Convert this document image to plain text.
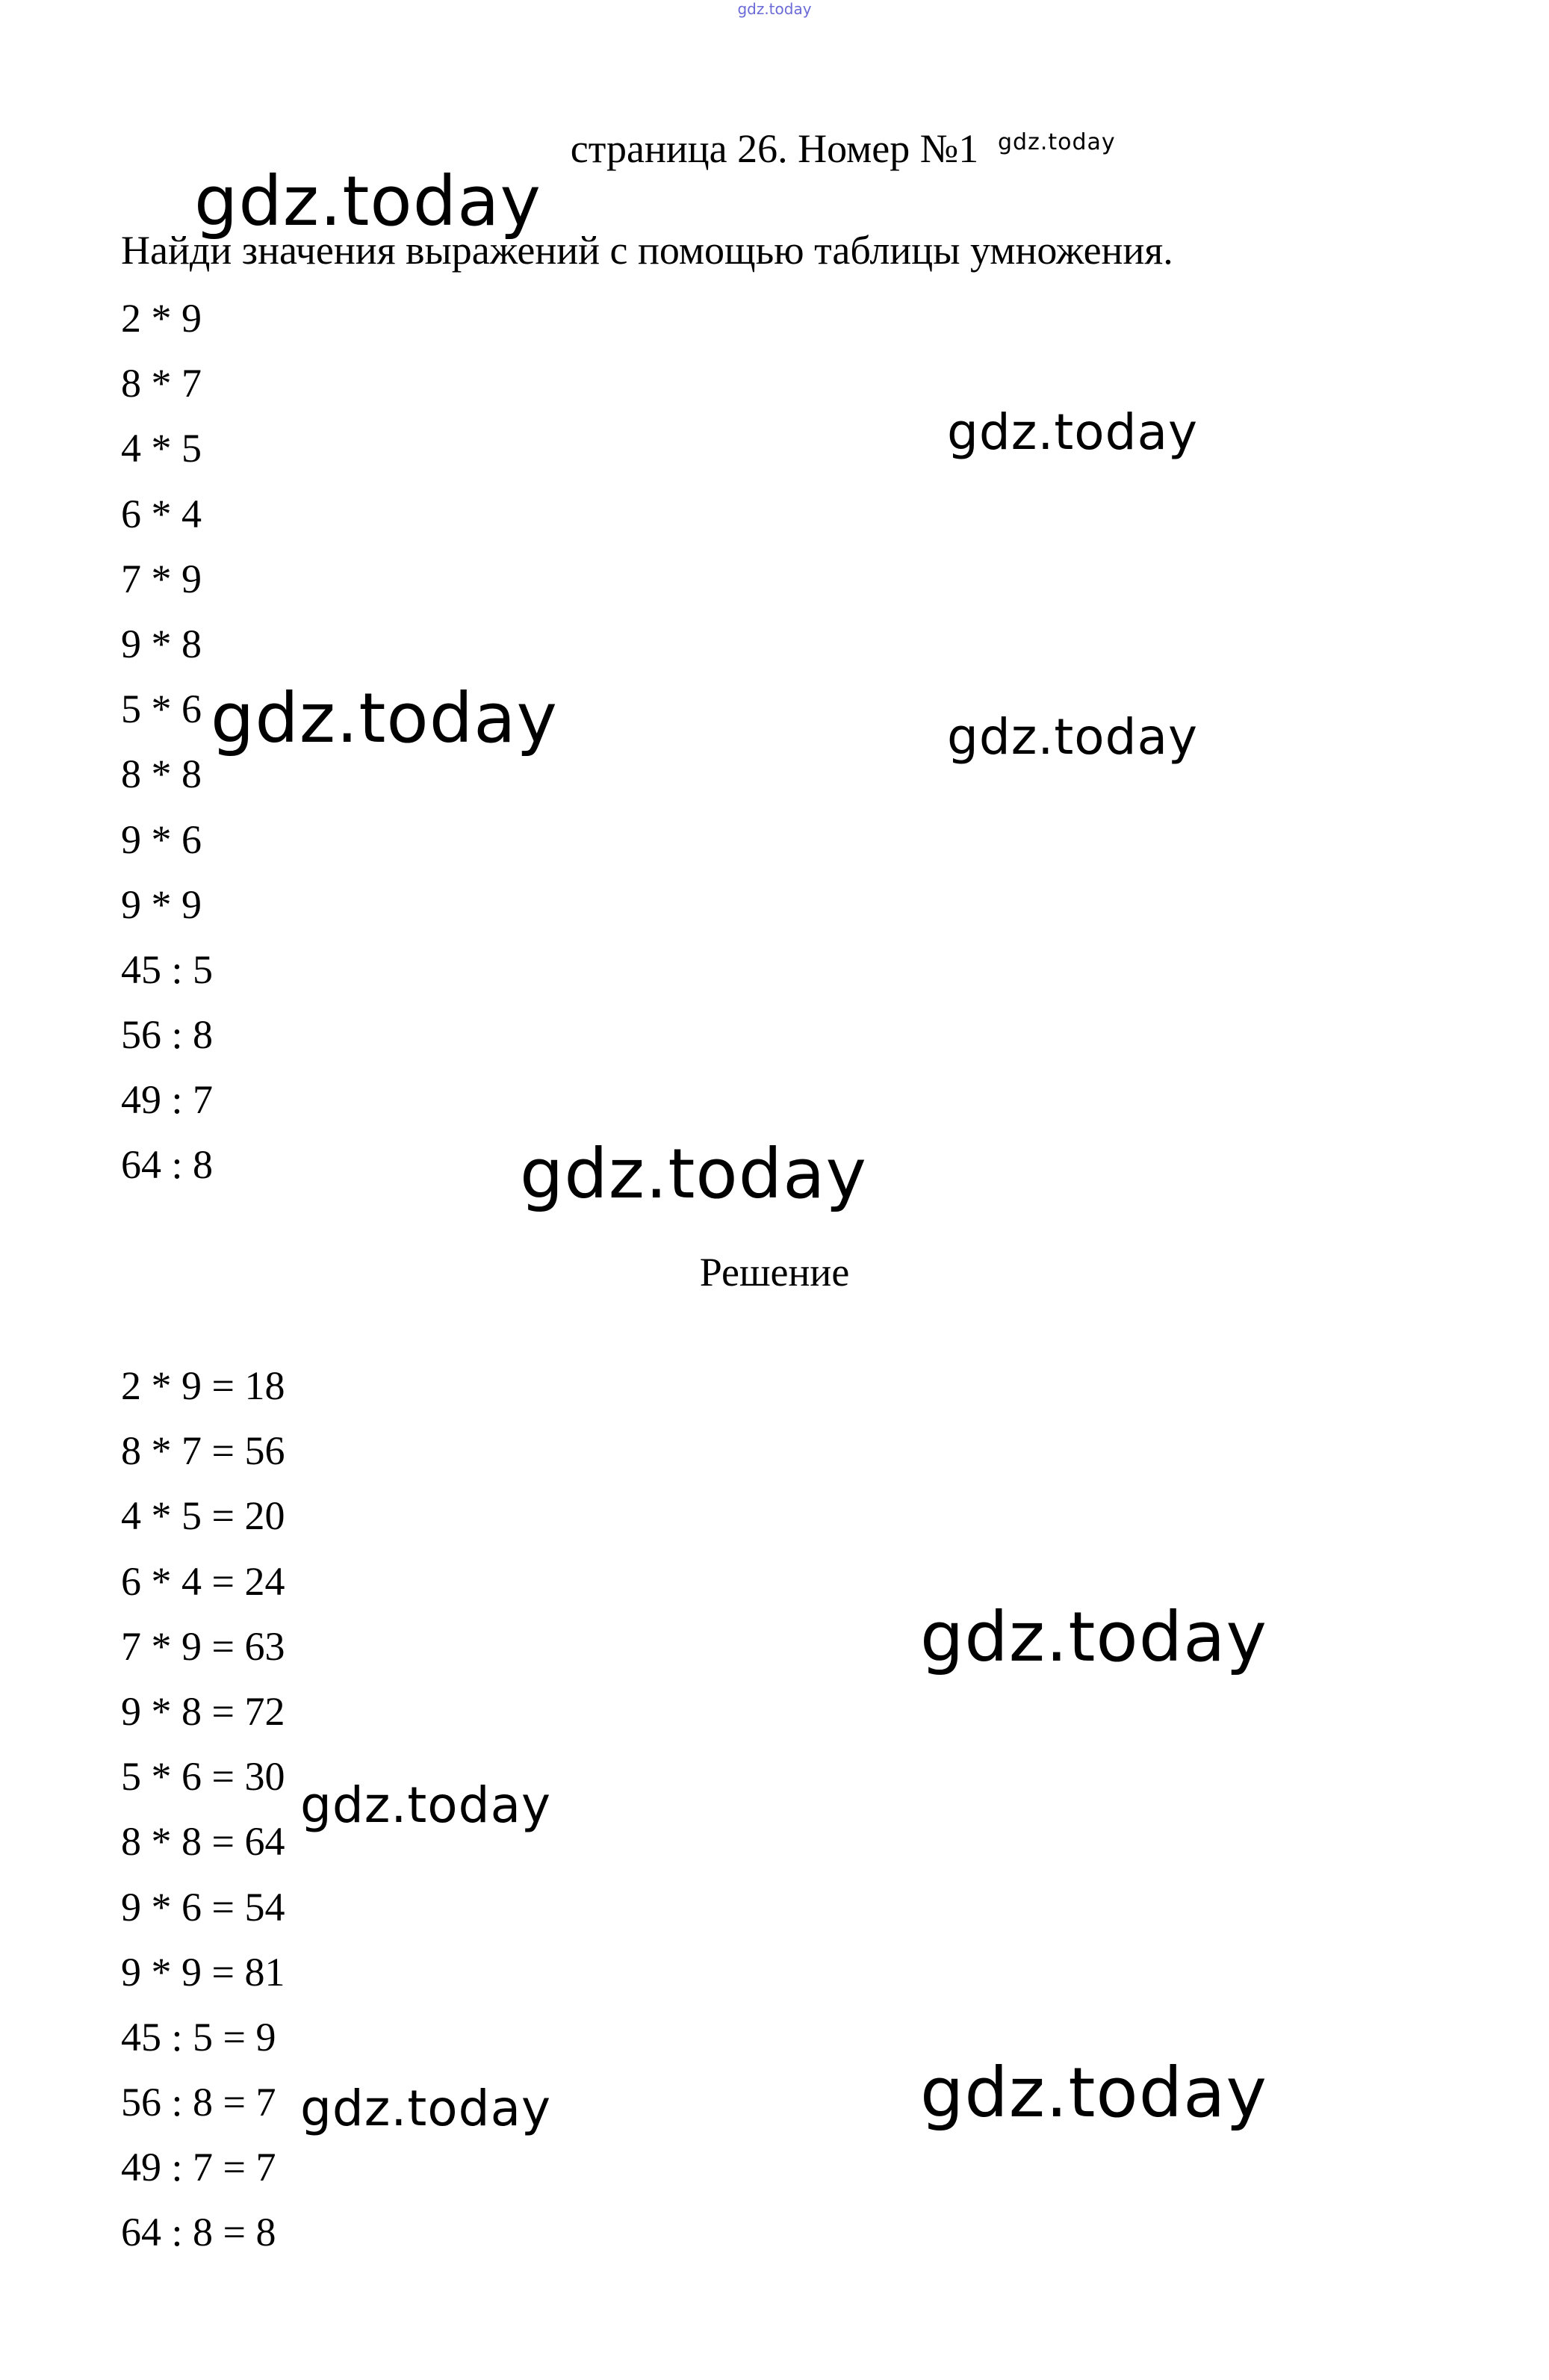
gdz.today
страница 26. Номер №1
Найди значения выражений с помощью таблицы умножения.
2 * 9
8 * 7
4 * 5
6 * 4
7 * 9
9 * 8
5 * 6
8 * 8
9 * 6
9 * 9
45 : 5
56 : 8
49 : 7
64 : 8
Решение
2 * 9 = 18
8 * 7 = 56
4 * 5 = 20
6 * 4 = 24
7 * 9 = 63
9 * 8 = 72
5 * 6 = 30
8 * 8 = 64
9 * 6 = 54
9 * 9 = 81
45 : 5 = 9
56 : 8 = 7
49 : 7 = 7
64 : 8 = 8
gdz.today
gdz.today
gdz.today
gdz.today	gdz.today
gdz.today
gdz.today
gdz.today
gdz.today
gdz.today
